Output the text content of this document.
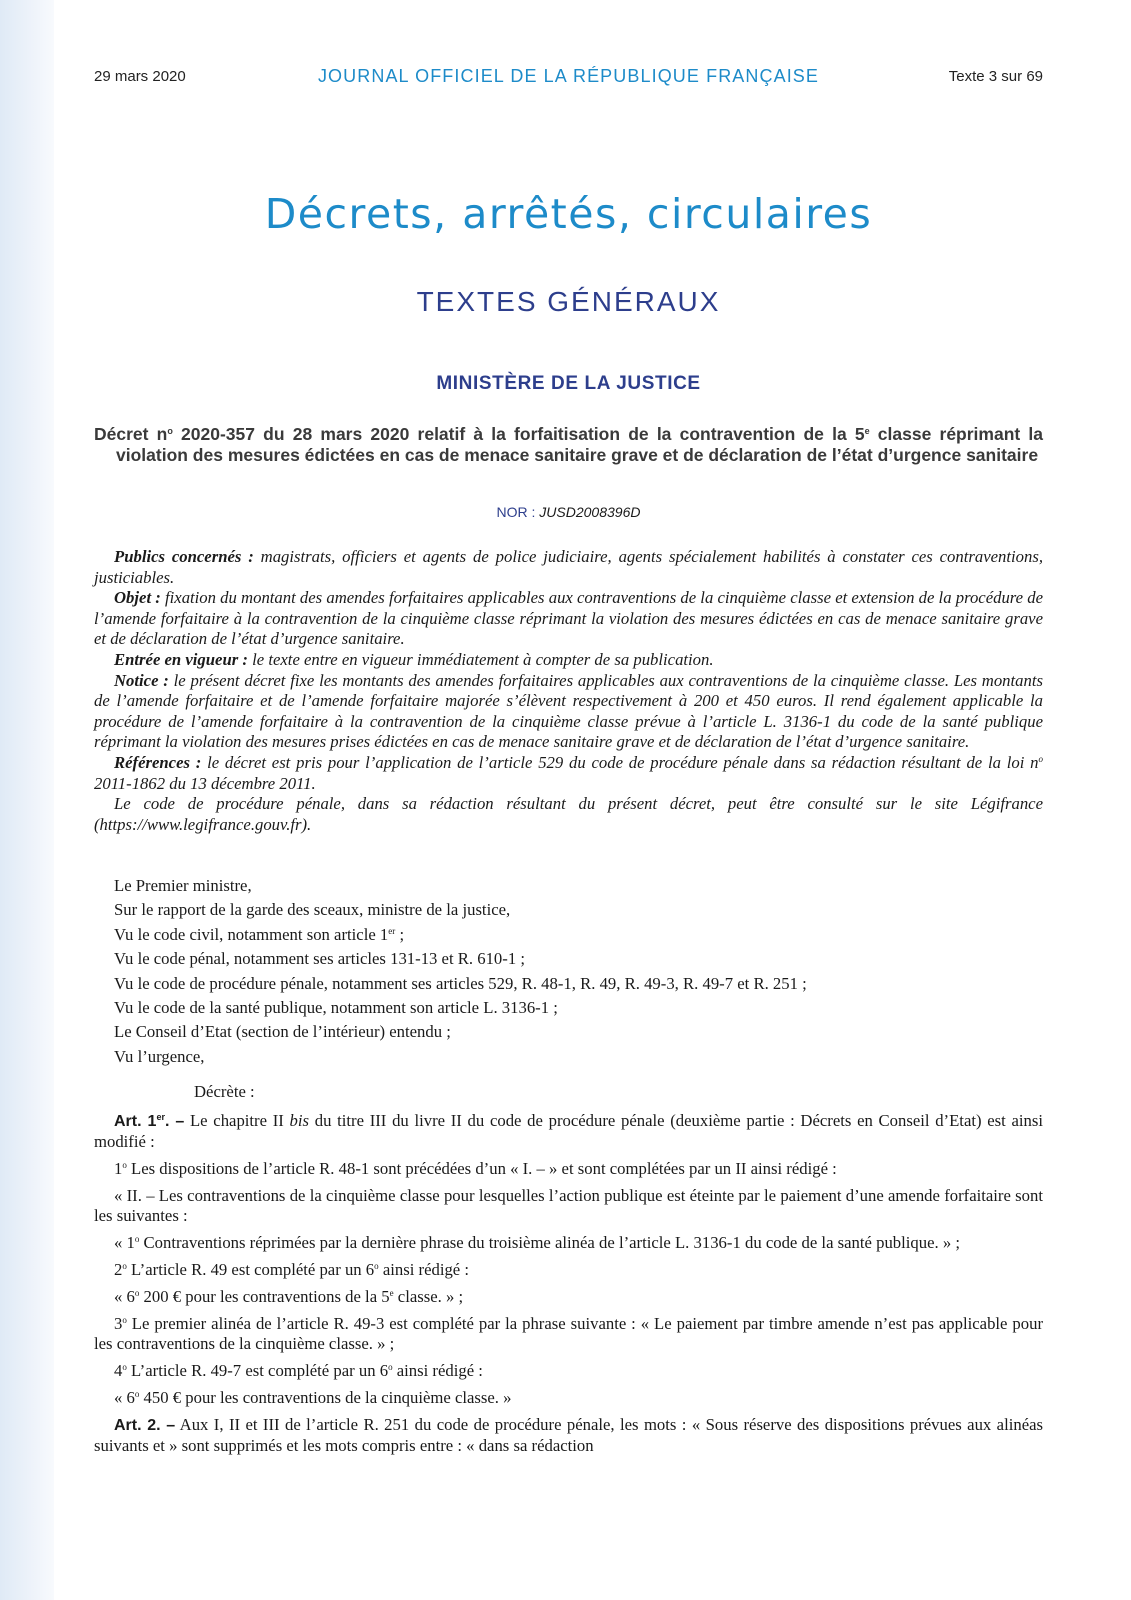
29 mars 2020	JOURNAL OFFICIEL DE LA RÉPUBLIQUE FRANÇAISE	Texte 3 sur 69
Décrets, arrêtés, circulaires
TEXTES GÉNÉRAUX
MINISTÈRE DE LA JUSTICE
Décret $n^o$ 2020-357 du 28 mars 2020 relatif à la forfaitisation de la contravention de la 5e classe réprimant la violation des mesures édictées en cas de menace sanitaire grave et de déclaration de l’état d’urgence sanitaire
NOR : JUSD2008396D

Publics concernés : magistrats, officiers et agents de police judiciaire, agents spécialement habilités à constater ces contraventions, justiciables.

Objet : fixation du montant des amendes forfaitaires applicables aux contraventions de la cinquième classe et extension de la procédure de l’amende forfaitaire à la contravention de la cinquième classe réprimant la violation des mesures édictées en cas de menace sanitaire grave et de déclaration de l’état d’urgence sanitaire.

Entrée en vigueur : le texte entre en vigueur immédiatement à compter de sa publication.

Notice : le présent décret fixe les montants des amendes forfaitaires applicables aux contraventions de la cinquième classe. Les montants de l’amende forfaitaire et de l’amende forfaitaire majorée s’élèvent respectivement à 200 et 450 euros. Il rend également applicable la procédure de l’amende forfaitaire à la contravention de la cinquième classe prévue à l’article L. 3136-1 du code de la santé publique réprimant la violation des mesures prises édictées en cas de menace sanitaire grave et de déclaration de l’état d’urgence sanitaire.

Références : le décret est pris pour l’application de l’article 529 du code de procédure pénale dans sa rédaction résultant de la loi $n^o$ 2011-1862 du 13 décembre 2011.

Le code de procédure pénale, dans sa rédaction résultant du présent décret, peut être consulté sur le site Légifrance (https://www.legifrance.gouv.fr).

Le Premier ministre,

Sur le rapport de la garde des sceaux, ministre de la justice,

Vu le code civil, notamment son article 1er ;

Vu le code pénal, notamment ses articles 131-13 et R. 610-1 ;

Vu le code de procédure pénale, notamment ses articles 529, R. 48-1, R. 49, R. 49-3, R. 49-7 et R. 251 ;

Vu le code de la santé publique, notamment son article L. 3136-1 ;

Le Conseil d’Etat (section de l’intérieur) entendu ;

Vu l’urgence,

Décrète :

Art. 1er. – Le chapitre II bis du titre III du livre II du code de procédure pénale (deuxième partie : Décrets en Conseil d’Etat) est ainsi modifié :

1$^o$ Les dispositions de l’article R. 48-1 sont précédées d’un « I. – » et sont complétées par un II ainsi rédigé :

« II. – Les contraventions de la cinquième classe pour lesquelles l’action publique est éteinte par le paiement d’une amende forfaitaire sont les suivantes :

« 1$^o$ Contraventions réprimées par la dernière phrase du troisième alinéa de l’article L. 3136-1 du code de la santé publique. » ;

2$^o$ L’article R. 49 est complété par un 6$^o$ ainsi rédigé :

« 6$^o$ 200 € pour les contraventions de la 5e classe. » ;

3$^o$ Le premier alinéa de l’article R. 49-3 est complété par la phrase suivante : « Le paiement par timbre amende n’est pas applicable pour les contraventions de la cinquième classe. » ;

4$^o$ L’article R. 49-7 est complété par un 6$^o$ ainsi rédigé :

« 6$^o$ 450 € pour les contraventions de la cinquième classe. »

Art. 2. – Aux I, II et III de l’article R. 251 du code de procédure pénale, les mots : « Sous réserve des dispositions prévues aux alinéas suivants et » sont supprimés et les mots compris entre : « dans sa rédaction
